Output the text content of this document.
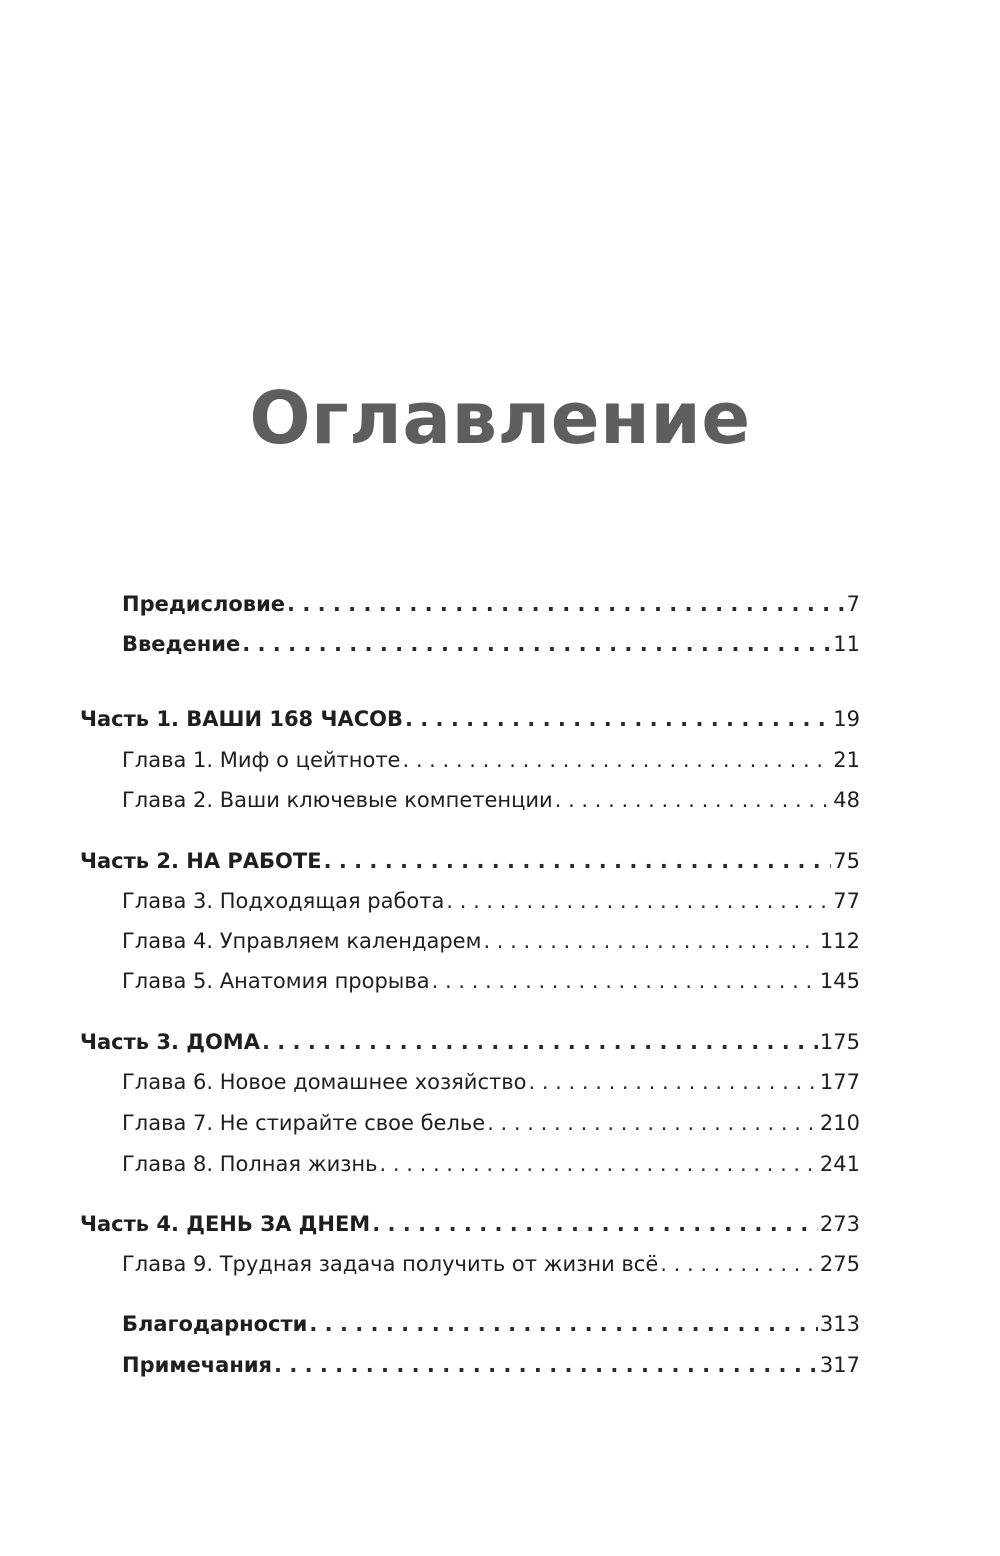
Оглавление
Предисловие . . .	7
Введение . . .	11
Часть 1. ВАШИ 168 ЧАСОВ . . .	19
Глава 1. Миф о цейтноте . . .	21
Глава 2. Ваши ключевые компетенции . . .	48
Часть 2. НА РАБОТЕ . . .	75
Глава 3. Подходящая работа . . .	77
Глава 4. Управляем календарем . . .	112
Глава 5. Анатомия прорыва . . .	145
Часть 3. ДОМА . . .	175
Глава 6. Новое домашнее хозяйство . . .	177
Глава 7. Не стирайте свое белье . . .	210
Глава 8. Полная жизнь . . .	241
Часть 4. ДЕНЬ ЗА ДНЕМ . . .	273
Глава 9. Трудная задача получить от жизни всё . . .	275
Благодарности . . .	313
Примечания . . .	317
